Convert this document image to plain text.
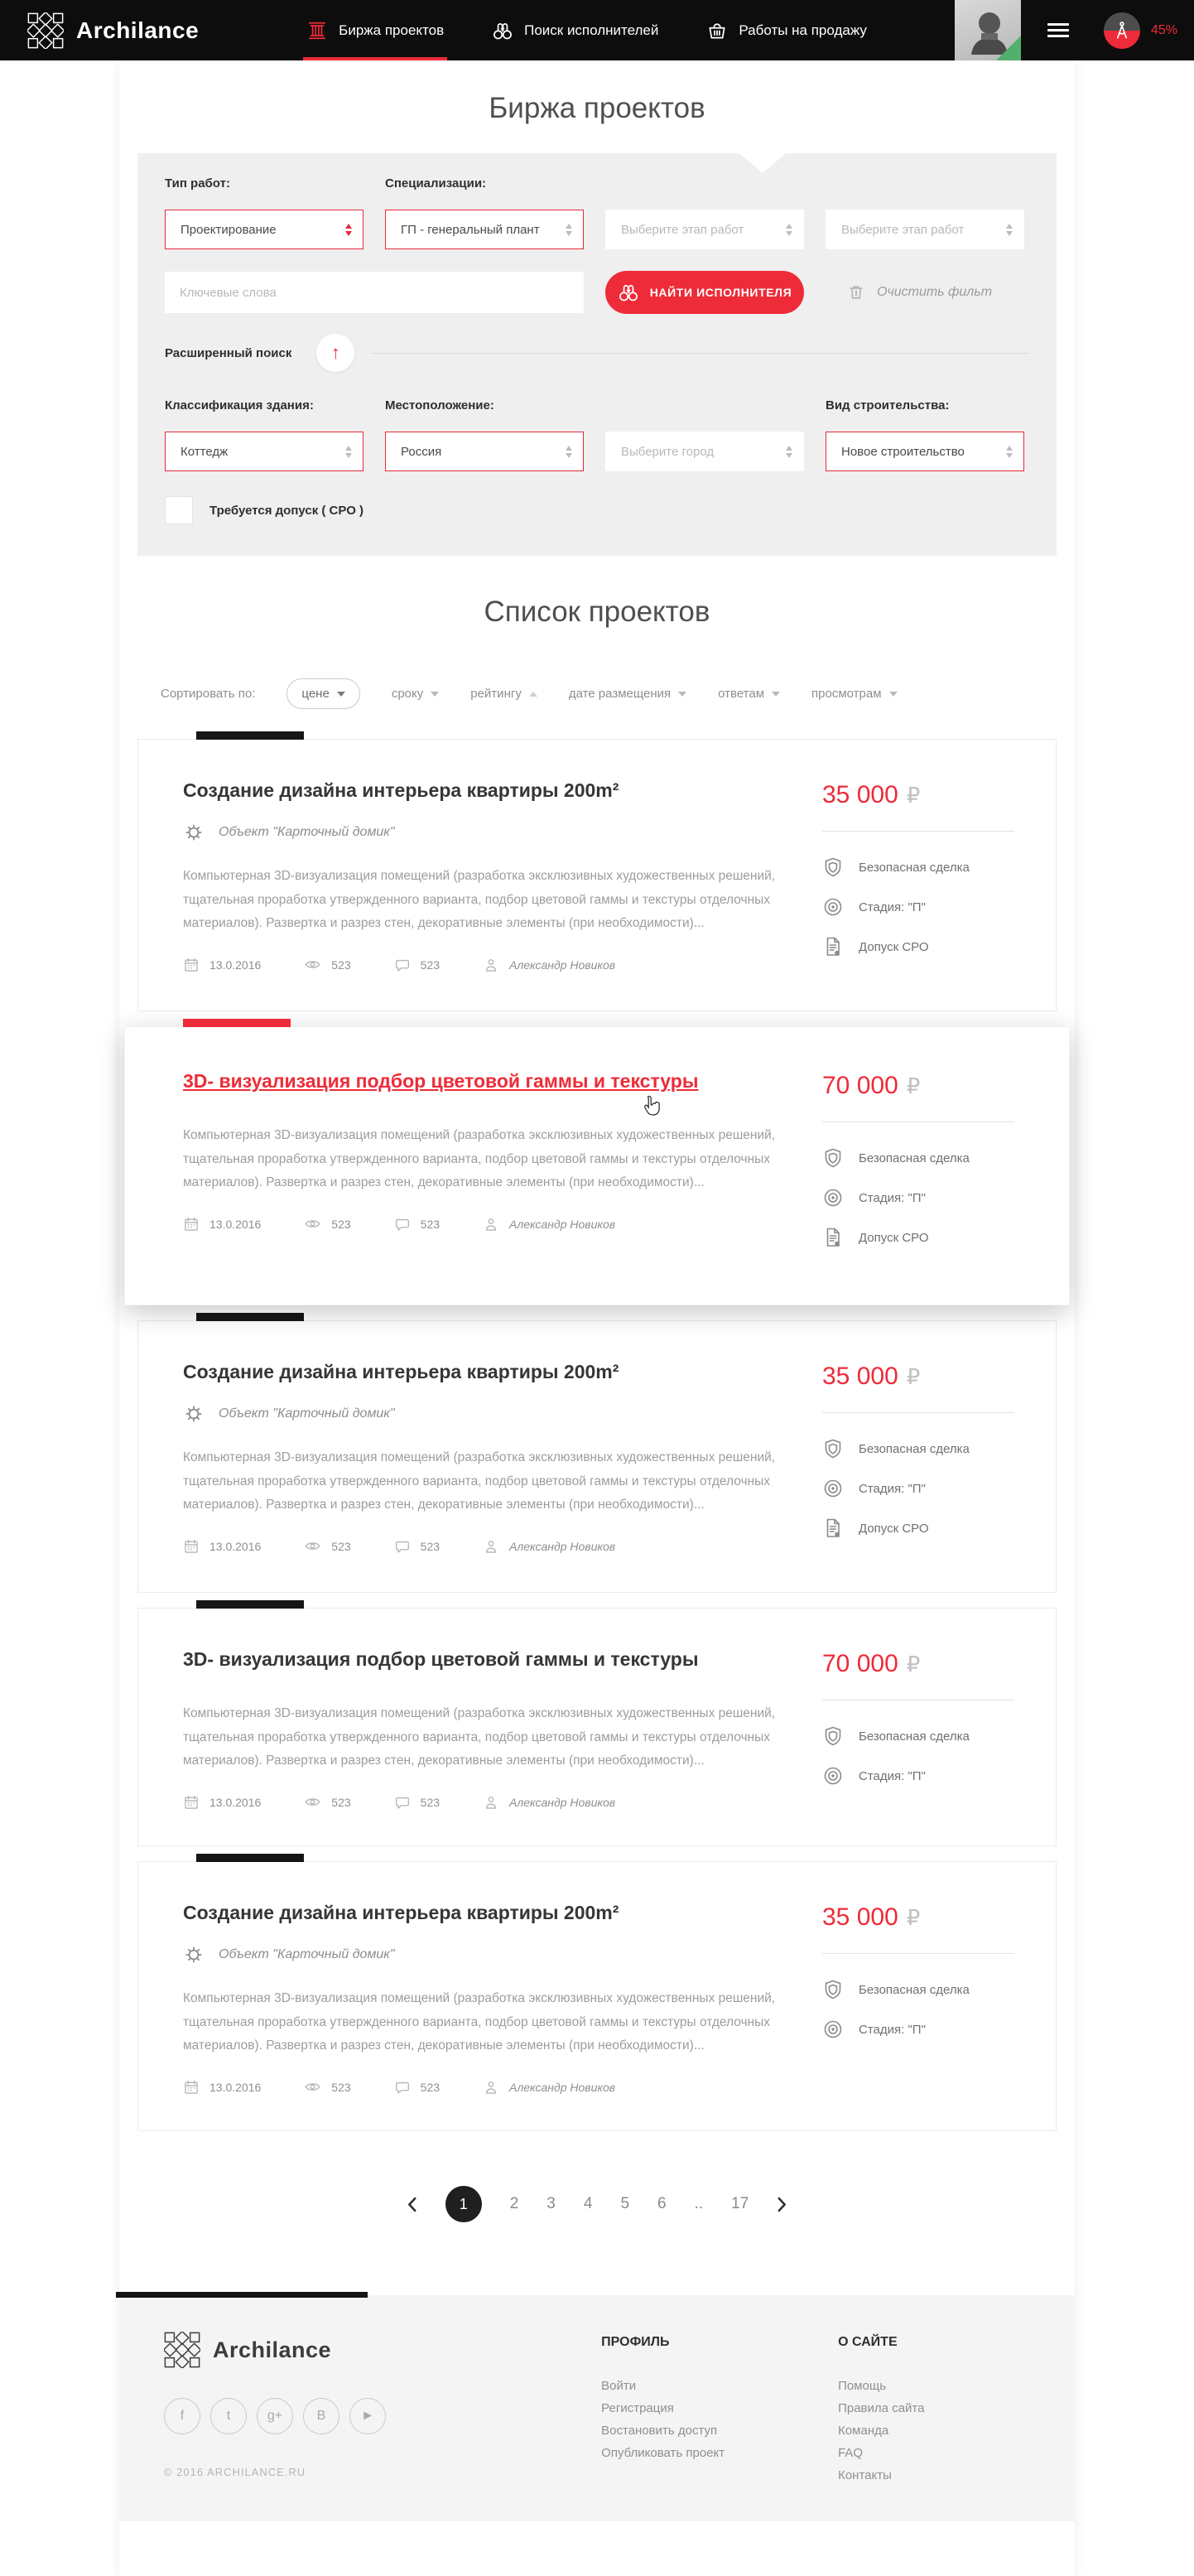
Archilance	Биржа проектов	Поиск исполнителей	Работы на продажу	45%
Биржа проектов
Тип работ:
Проектирование
Специализации:
ГП - генеральный плант	Выберите этап работ	Выберите этап работ
Ключевые слова
НАЙТИ ИСПОЛНИТЕЛЯ	Очистить фильт
Расширенный поиск ↑
Классификация здания:
Коттедж
Местоположение:
Россия	Выберите город
Вид строительства:
Новое строительство
Требуется допуск ( СРО )
Список проектов
Сортировать по:	цене	сроку	рейтингу	дате размещения	ответам	просмотрам
Создание дизайна интерьера квартиры 200m²
Объект "Карточный домик"

Компьютерная 3D-визуализация помещений (разработка эксклюзивных художественных решений, тщательная проработка утвержденного варианта, подбор цветовой гаммы и текстуры отделочных материалов). Развертка и разрез стен, декоративные элементы (при необходимости)...

13.0.2016	523	523	Александр Новиков
35 000 ₽
Безопасная сделка
Стадия: "П"
Допуск СРО
3D- визуализация подбор цветовой гаммы и текстуры

Компьютерная 3D-визуализация помещений (разработка эксклюзивных художественных решений, тщательная проработка утвержденного варианта, подбор цветовой гаммы и текстуры отделочных материалов). Развертка и разрез стен, декоративные элементы (при необходимости)...

13.0.2016	523	523	Александр Новиков
70 000 ₽
Безопасная сделка
Стадия: "П"
Допуск СРО
Создание дизайна интерьера квартиры 200m²
Объект "Карточный домик"

Компьютерная 3D-визуализация помещений (разработка эксклюзивных художественных решений, тщательная проработка утвержденного варианта, подбор цветовой гаммы и текстуры отделочных материалов). Развертка и разрез стен, декоративные элементы (при необходимости)...

13.0.2016	523	523	Александр Новиков
35 000 ₽
Безопасная сделка
Стадия: "П"
Допуск СРО
3D- визуализация подбор цветовой гаммы и текстуры

Компьютерная 3D-визуализация помещений (разработка эксклюзивных художественных решений, тщательная проработка утвержденного варианта, подбор цветовой гаммы и текстуры отделочных материалов). Развертка и разрез стен, декоративные элементы (при необходимости)...

13.0.2016	523	523	Александр Новиков
70 000 ₽
Безопасная сделка
Стадия: "П"
Создание дизайна интерьера квартиры 200m²
Объект "Карточный домик"

Компьютерная 3D-визуализация помещений (разработка эксклюзивных художественных решений, тщательная проработка утвержденного варианта, подбор цветовой гаммы и текстуры отделочных материалов). Развертка и разрез стен, декоративные элементы (при необходимости)...

13.0.2016	523	523	Александр Новиков
35 000 ₽
Безопасная сделка
Стадия: "П"
1	2 3 4 5 6 .. 17
Archilance
f	t	g+	В	►
© 2016 ARCHILANCE.RU
ПРОФИЛЬ
Войти
Регистрация
Востановить доступ
Опубликовать проект
О САЙТЕ
Помощь
Правила сайта
Команда
FAQ
Контакты
